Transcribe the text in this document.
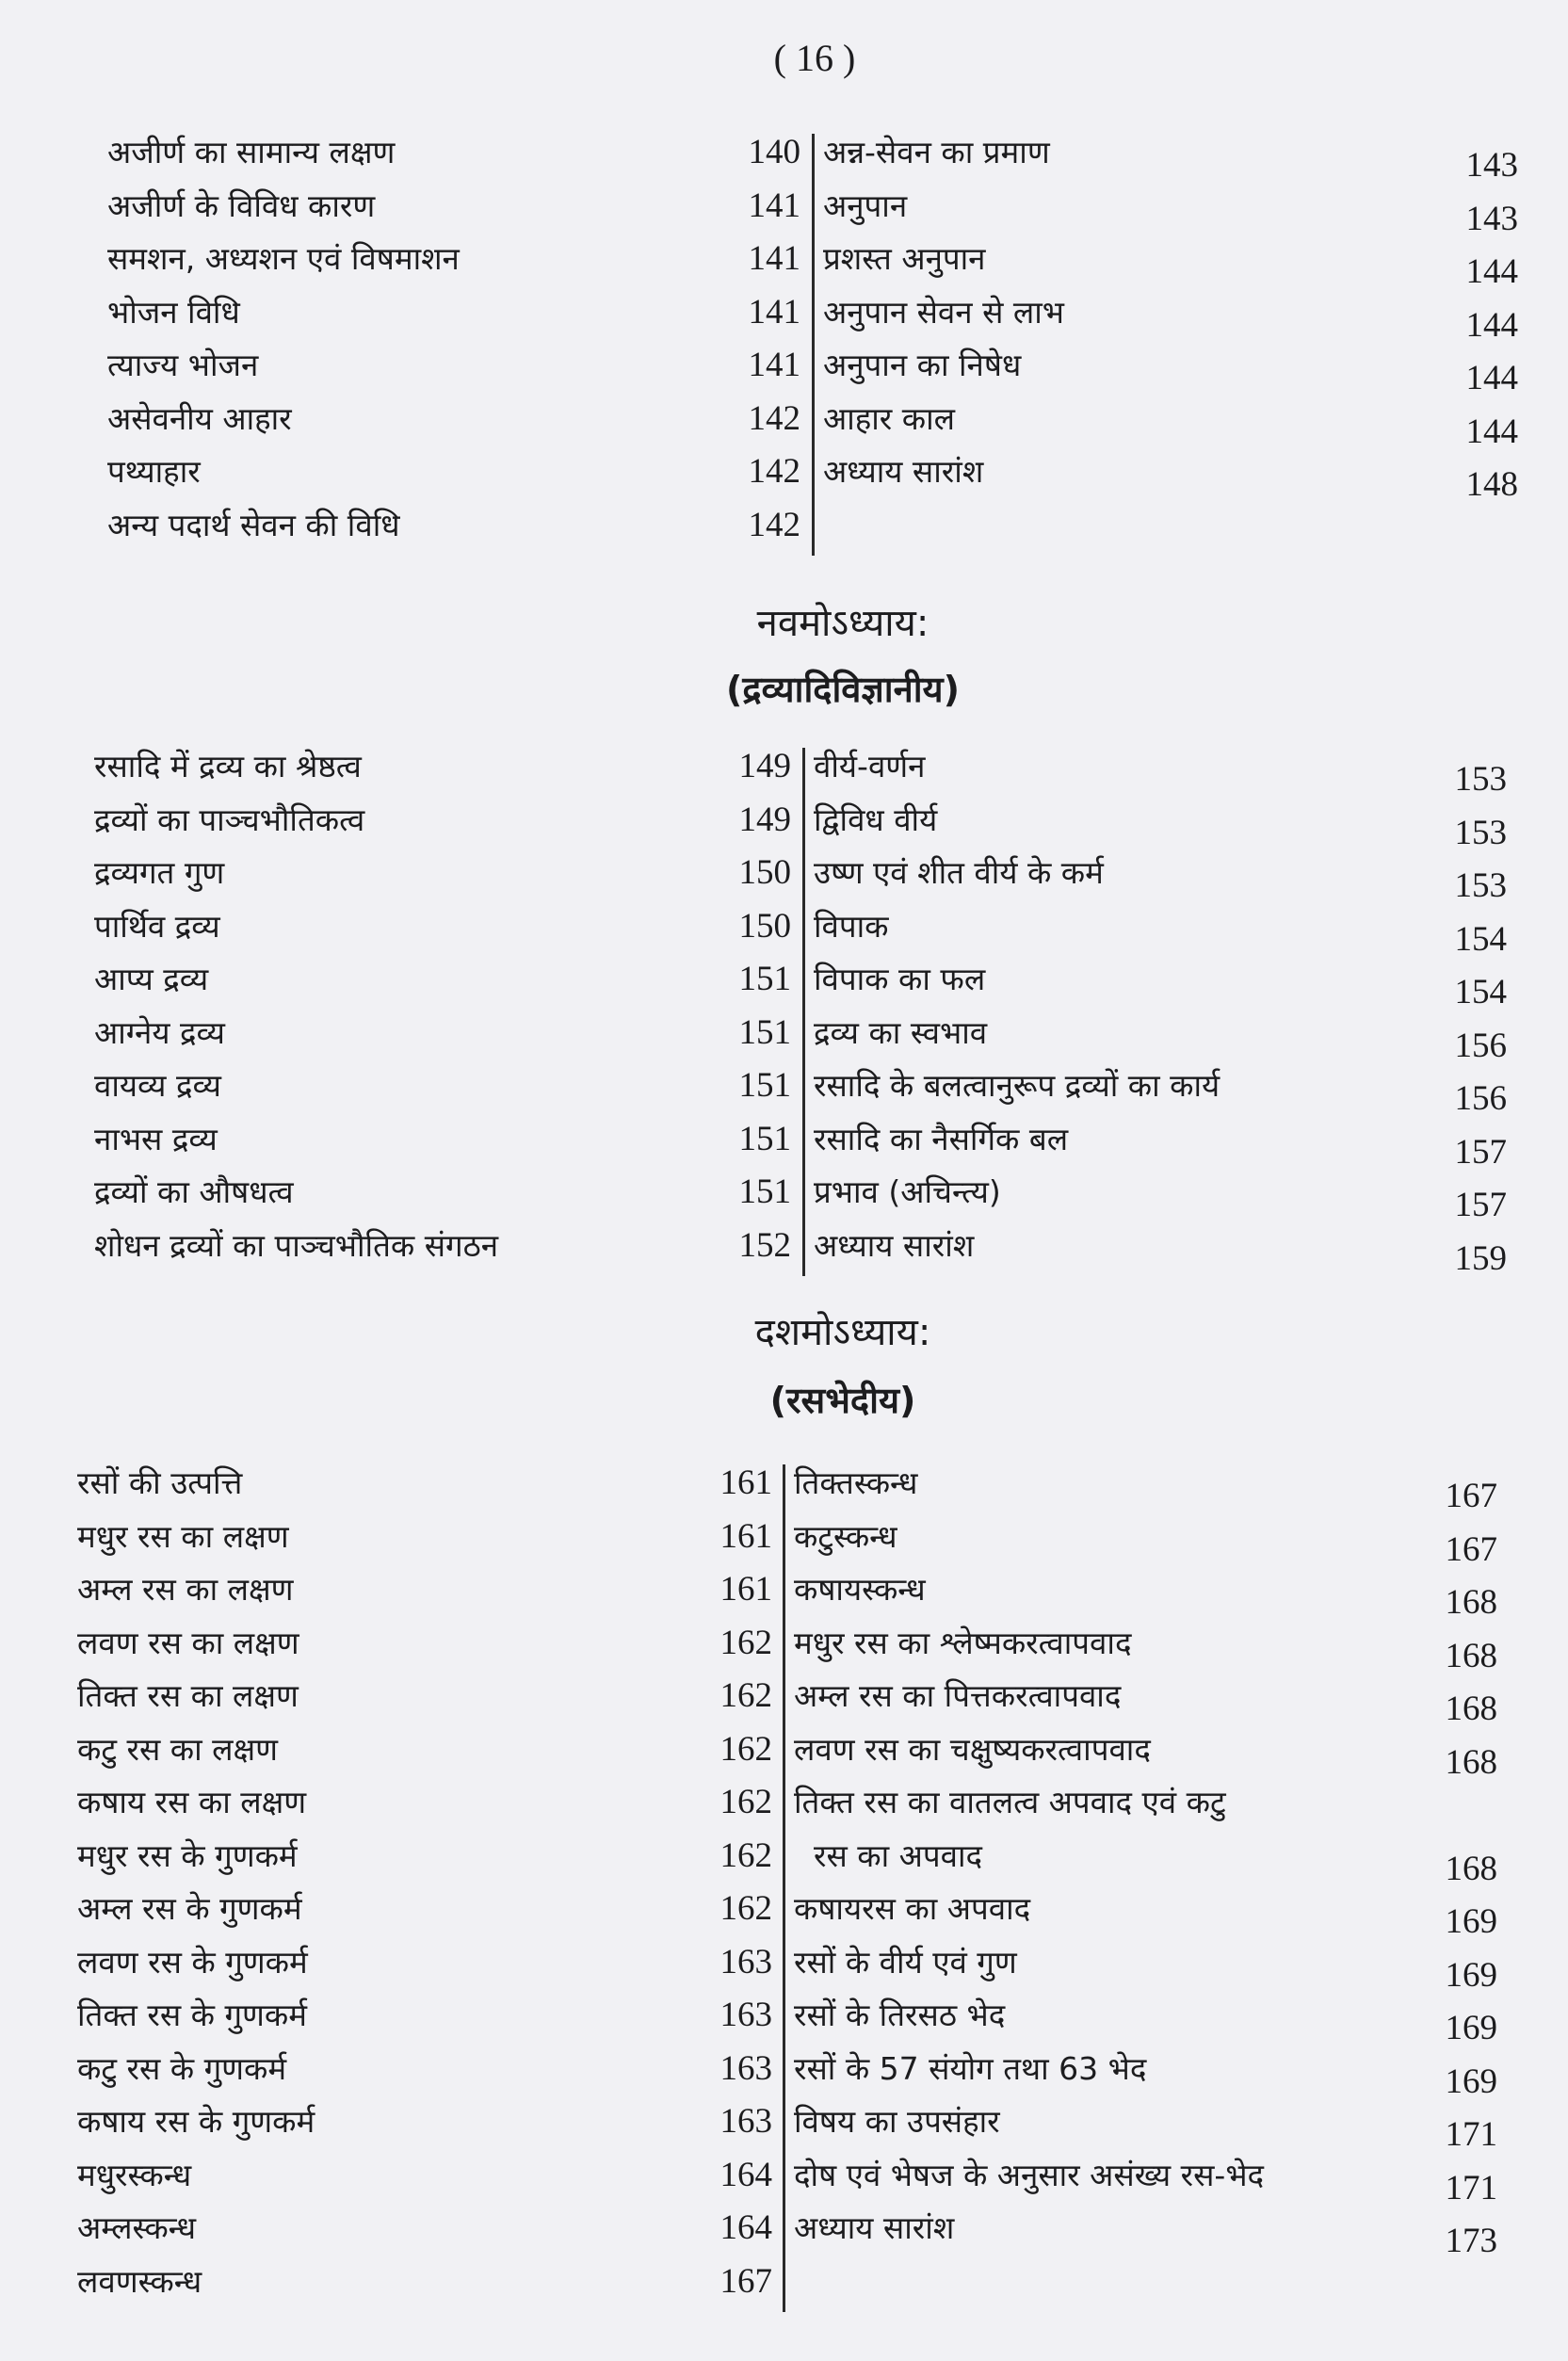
( 16 )
अजीर्ण का सामान्य लक्षण	140 अन्न-सेवन का प्रमाण	143
अजीर्ण के विविध कारण	141 अनुपान	143
समशन, अध्यशन एवं विषमाशन	141 प्रशस्त अनुपान	144
भोजन विधि	141 अनुपान सेवन से लाभ	144
त्याज्य भोजन	141 अनुपान का निषेध	144
असेवनीय आहार	142 आहार काल	144
पथ्याहार	142 अध्याय सारांश	148
अन्य पदार्थ सेवन की विधि	142
नवमोऽध्याय:
(द्रव्यादिविज्ञानीय)
रसादि में द्रव्य का श्रेष्ठत्व	149 वीर्य-वर्णन	153
द्रव्यों का पाञ्चभौतिकत्व	149 द्विविध वीर्य	153
द्रव्यगत गुण	150 उष्ण एवं शीत वीर्य के कर्म	153
पार्थिव द्रव्य	150 विपाक	154
आप्य द्रव्य	151 विपाक का फल	154
आग्नेय द्रव्य	151 द्रव्य का स्वभाव	156
वायव्य द्रव्य	151 रसादि के बलत्वानुरूप द्रव्यों का कार्य	156
नाभस द्रव्य	151 रसादि का नैसर्गिक बल	157
द्रव्यों का औषधत्व	151 प्रभाव (अचिन्त्य)	157
शोधन द्रव्यों का पाञ्चभौतिक संगठन	152 अध्याय सारांश	159
दशमोऽध्याय:
(रसभेदीय)
रसों की उत्पत्ति	161 तिक्तस्कन्ध	167
मधुर रस का लक्षण	161 कटुस्कन्ध	167
अम्ल रस का लक्षण	161 कषायस्कन्ध	168
लवण रस का लक्षण	162 मधुर रस का श्लेष्मकरत्वापवाद	168
तिक्त रस का लक्षण	162 अम्ल रस का पित्तकरत्वापवाद	168
कटु रस का लक्षण	162 लवण रस का चक्षुष्यकरत्वापवाद	168
कषाय रस का लक्षण	162 तिक्त रस का वातलत्व अपवाद एवं कटु
मधुर रस के गुणकर्म	162 रस का अपवाद	168
अम्ल रस के गुणकर्म	162 कषायरस का अपवाद	169
लवण रस के गुणकर्म	163 रसों के वीर्य एवं गुण	169
तिक्त रस के गुणकर्म	163 रसों के तिरसठ भेद	169
कटु रस के गुणकर्म	163 रसों के 57 संयोग तथा 63 भेद	169
कषाय रस के गुणकर्म	163 विषय का उपसंहार	171
मधुरस्कन्ध	164 दोष एवं भेषज के अनुसार असंख्य रस-भेद	171
अम्लस्कन्ध	164 अध्याय सारांश	173
लवणस्कन्ध	167
